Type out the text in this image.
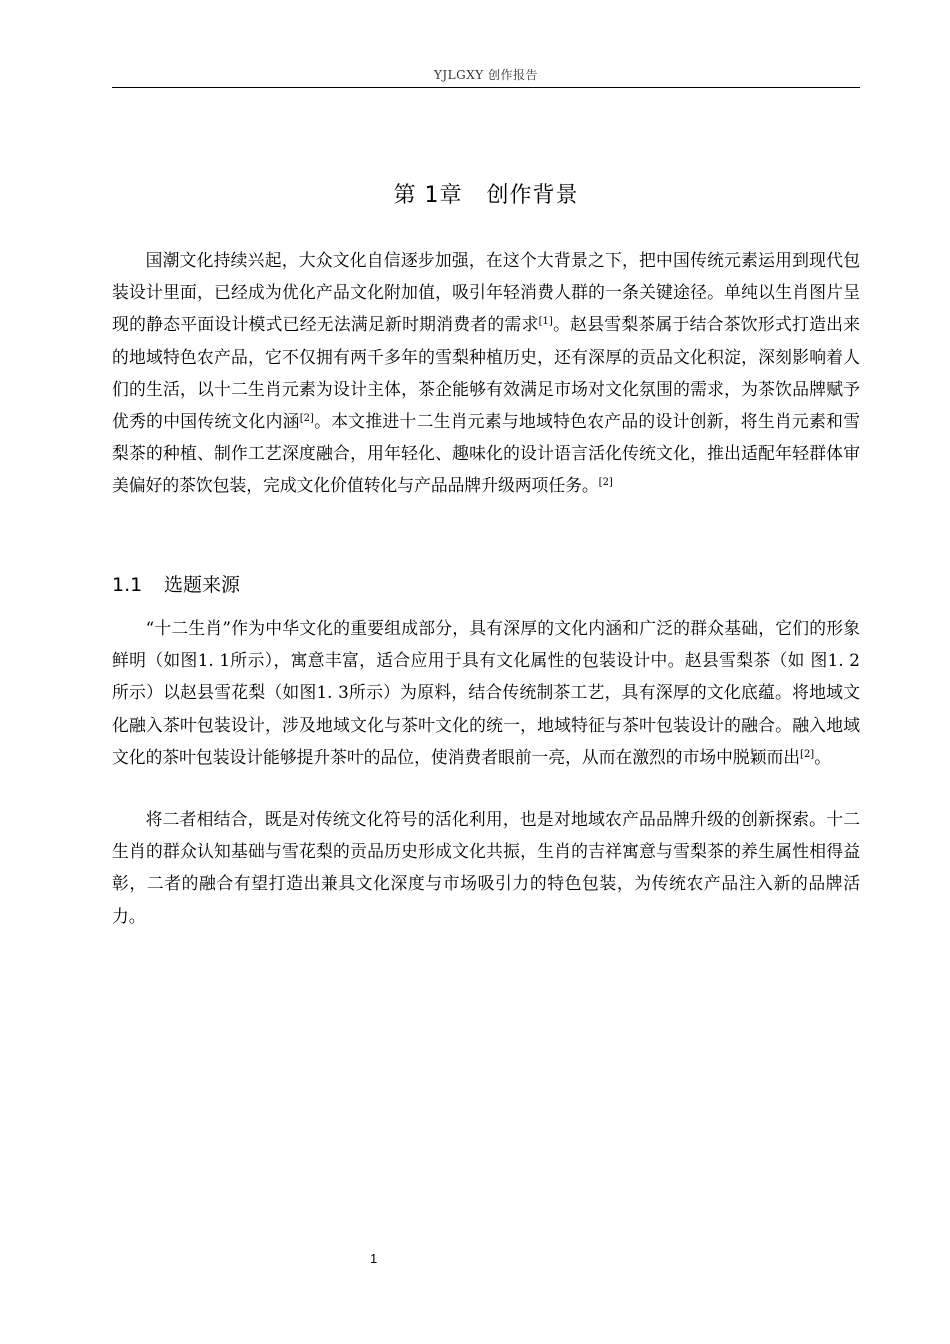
YJLGXY 创作报告
第 1章   创作背景

国潮文化持续兴起，大众文化自信逐步加强，在这个大背景之下，把中国传统元素运用到现代包装设计里面，已经成为优化产品文化附加值，吸引年轻消费人群的一条关键途径。单纯以生肖图片呈现的静态平面设计模式已经无法满足新时期消费者的需求[1]。赵县雪梨茶属于结合茶饮形式打造出来的地域特色农产品，它不仅拥有两千多年的雪梨种植历史，还有深厚的贡品文化积淀，深刻影响着人们的生活，以十二生肖元素为设计主体，茶企能够有效满足市场对文化氛围的需求，为茶饮品牌赋予优秀的中国传统文化内涵[2]。本文推进十二生肖元素与地域特色农产品的设计创新，将生肖元素和雪梨茶的种植、制作工艺深度融合，用年轻化、趣味化的设计语言活化传统文化，推出适配年轻群体审美偏好的茶饮包装，完成文化价值转化与产品品牌升级两项任务。[2]

1.1 选题来源

“十二生肖”作为中华文化的重要组成部分，具有深厚的文化内涵和广泛的群众基础，它们的形象鲜明（如图1. 1所示），寓意丰富，适合应用于具有文化属性的包装设计中。赵县雪梨茶（如 图1. 2所示）以赵县雪花梨（如图1. 3所示）为原料，结合传统制茶工艺，具有深厚的文化底蕴。将地域文化融入茶叶包装设计，涉及地域文化与茶叶文化的统一，地域特征与茶叶包装设计的融合。融入地域文化的茶叶包装设计能够提升茶叶的品位，使消费者眼前一亮，从而在激烈的市场中脱颖而出[2]。

将二者相结合，既是对传统文化符号的活化利用，也是对地域农产品品牌升级的创新探索。十二生肖的群众认知基础与雪花梨的贡品历史形成文化共振，生肖的吉祥寓意与雪梨茶的养生属性相得益彰，二者的融合有望打造出兼具文化深度与市场吸引力的特色包装，为传统农产品注入新的品牌活力。

1
